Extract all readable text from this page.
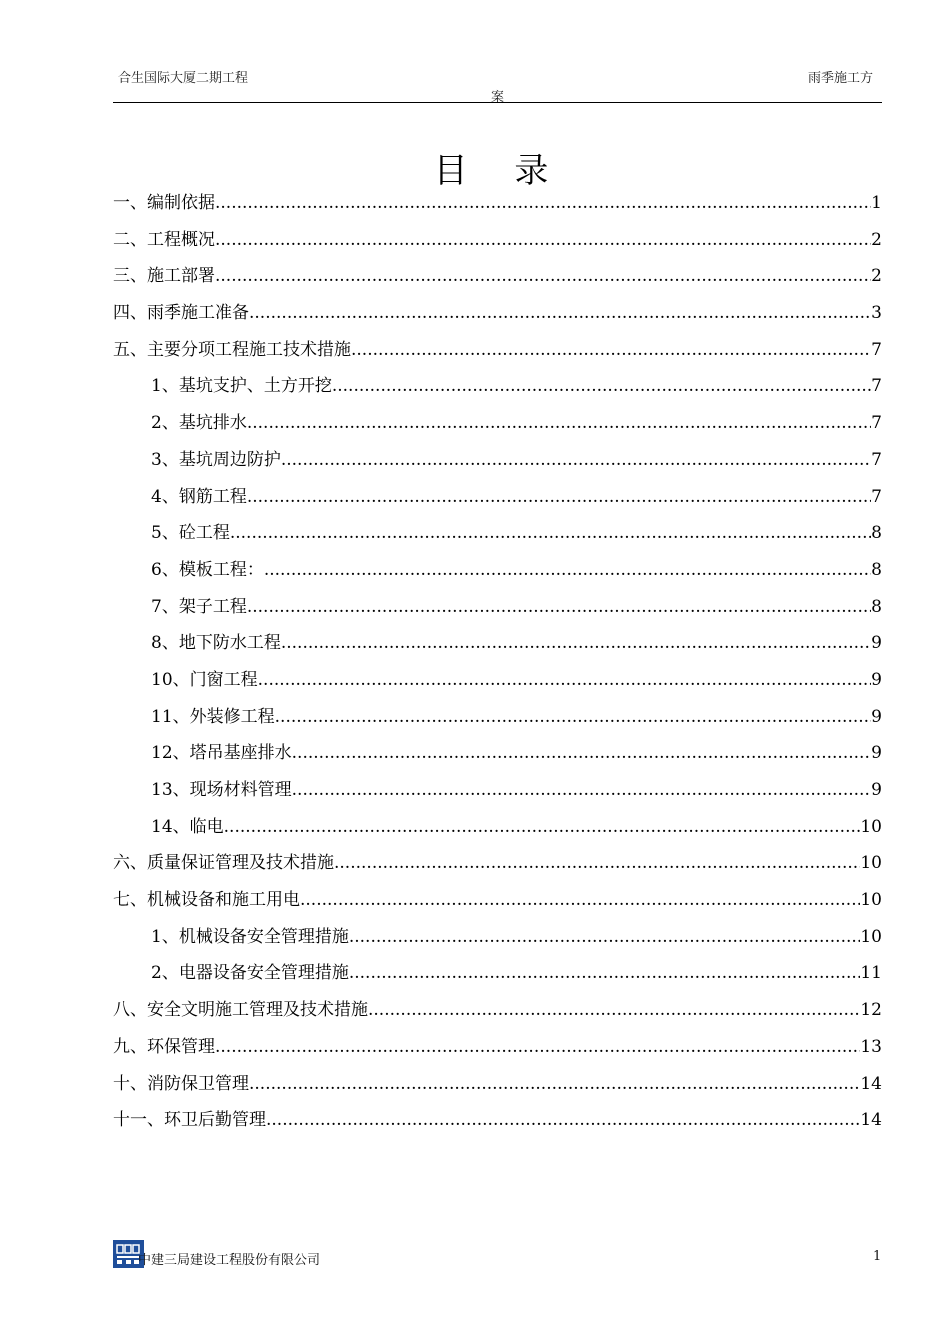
合生国际大厦二期工程	雨季施工方
案
目 录
一、编制依据 .....	1
二、工程概况 .....	2
三、施工部署 .....	2
四、雨季施工准备 .....	3
五、主要分项工程施工技术措施 .....	7
1、基坑支护、土方开挖 .....	7
2、基坑排水 .....	7
3、基坑周边防护 .....	7
4、钢筋工程 .....	7
5、砼工程 .....	8
6、模板工程： .....	8
7、架子工程 .....	8
8、地下防水工程 .....	9
10、门窗工程 .....	9
11、外装修工程 .....	9
12、塔吊基座排水 .....	9
13、现场材料管理 .....	9
14、临电 .....	10
六、质量保证管理及技术措施 .....	10
七、机械设备和施工用电 .....	10
1、机械设备安全管理措施 .....	10
2、电器设备安全管理措施 .....	11
八、安全文明施工管理及技术措施 .....	12
九、环保管理 .....	13
十、消防保卫管理 .....	14
十一、环卫后勤管理 .....	14
中建三局建设工程股份有限公司	1
